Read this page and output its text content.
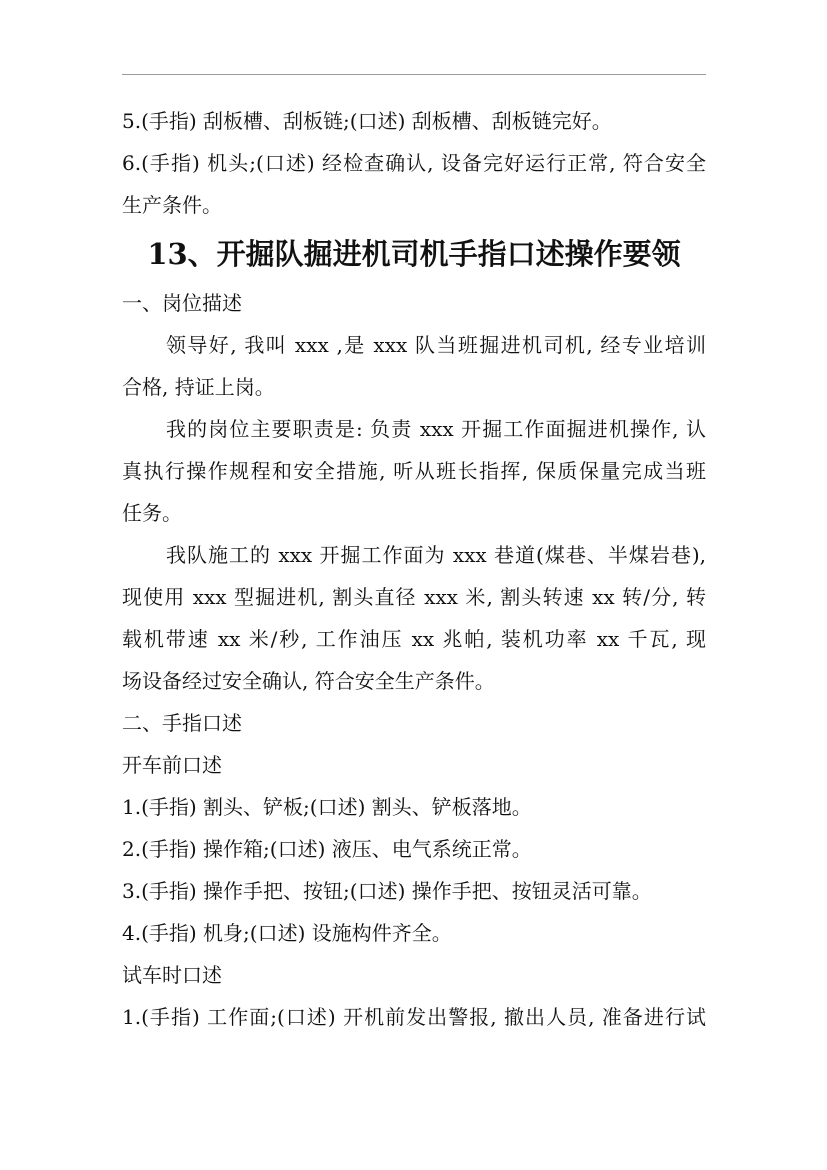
5.(手指) 刮板槽、刮板链;(口述) 刮板槽、刮板链完好。

6.(手指) 机头;(口述) 经检查确认, 设备完好运行正常, 符合安全

生产条件。

13、开掘队掘进机司机手指口述操作要领

一、岗位描述

领导好, 我叫 xxx ,是 xxx 队当班掘进机司机, 经专业培训

合格, 持证上岗。

我的岗位主要职责是: 负责 xxx 开掘工作面掘进机操作, 认

真执行操作规程和安全措施, 听从班长指挥, 保质保量完成当班

任务。

我队施工的 xxx 开掘工作面为 xxx 巷道(煤巷、半煤岩巷),

现使用 xxx 型掘进机, 割头直径 xxx 米, 割头转速 xx 转/分, 转

载机带速 xx 米/秒, 工作油压 xx 兆帕, 装机功率 xx 千瓦, 现

场设备经过安全确认, 符合安全生产条件。

二、手指口述

开车前口述

1.(手指) 割头、铲板;(口述) 割头、铲板落地。

2.(手指) 操作箱;(口述) 液压、电气系统正常。

3.(手指) 操作手把、按钮;(口述) 操作手把、按钮灵活可靠。

4.(手指) 机身;(口述) 设施构件齐全。

试车时口述

1.(手指) 工作面;(口述) 开机前发出警报, 撤出人员, 准备进行试
